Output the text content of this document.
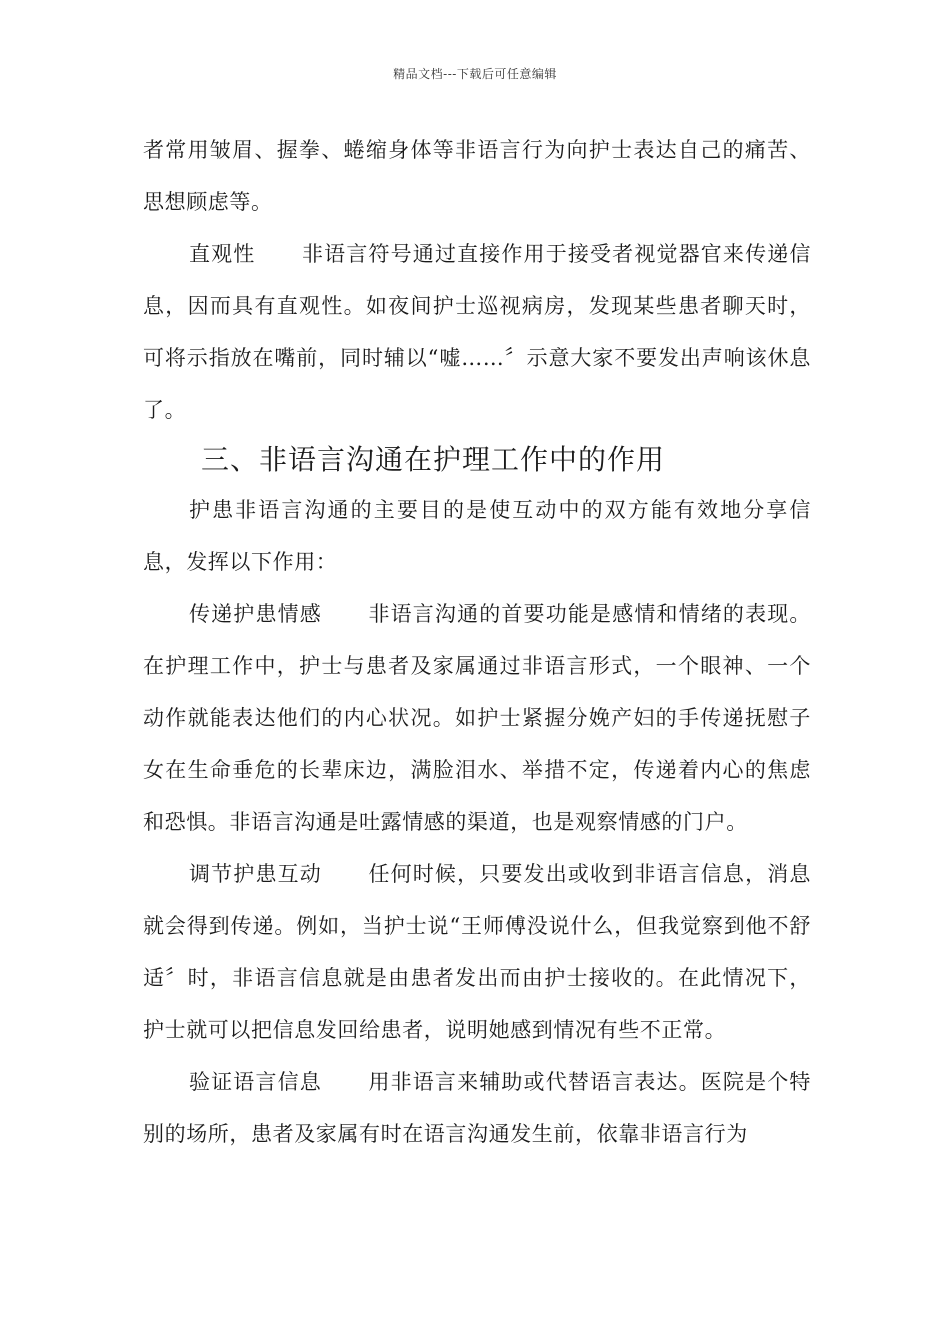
精品文档---下载后可任意编辑

者常用皱眉、握拳、蜷缩身体等非语言行为向护士表达自己的痛苦、思想顾虑等。

直观性 非语言符号通过直接作用于接受者视觉器官来传递信息，因而具有直观性。如夜间护士巡视病房，发现某些患者聊天时，可将示指放在嘴前，同时辅以“嘘……〞示意大家不要发出声响该休息了。

三、非语言沟通在护理工作中的作用

护患非语言沟通的主要目的是使互动中的双方能有效地分享信息，发挥以下作用：

传递护患情感 非语言沟通的首要功能是感情和情绪的表现。在护理工作中，护士与患者及家属通过非语言形式，一个眼神、一个动作就能表达他们的内心状况。如护士紧握分娩产妇的手传递抚慰子女在生命垂危的长辈床边，满脸泪水、举措不定，传递着内心的焦虑和恐惧。非语言沟通是吐露情感的渠道，也是观察情感的门户。

调节护患互动 任何时候，只要发出或收到非语言信息，消息就会得到传递。例如，当护士说“王师傅没说什么，但我觉察到他不舒适〞时，非语言信息就是由患者发出而由护士接收的。在此情况下，护士就可以把信息发回给患者，说明她感到情况有些不正常。

验证语言信息 用非语言来辅助或代替语言表达。医院是个特别的场所，患者及家属有时在语言沟通发生前，依靠非语言行为
